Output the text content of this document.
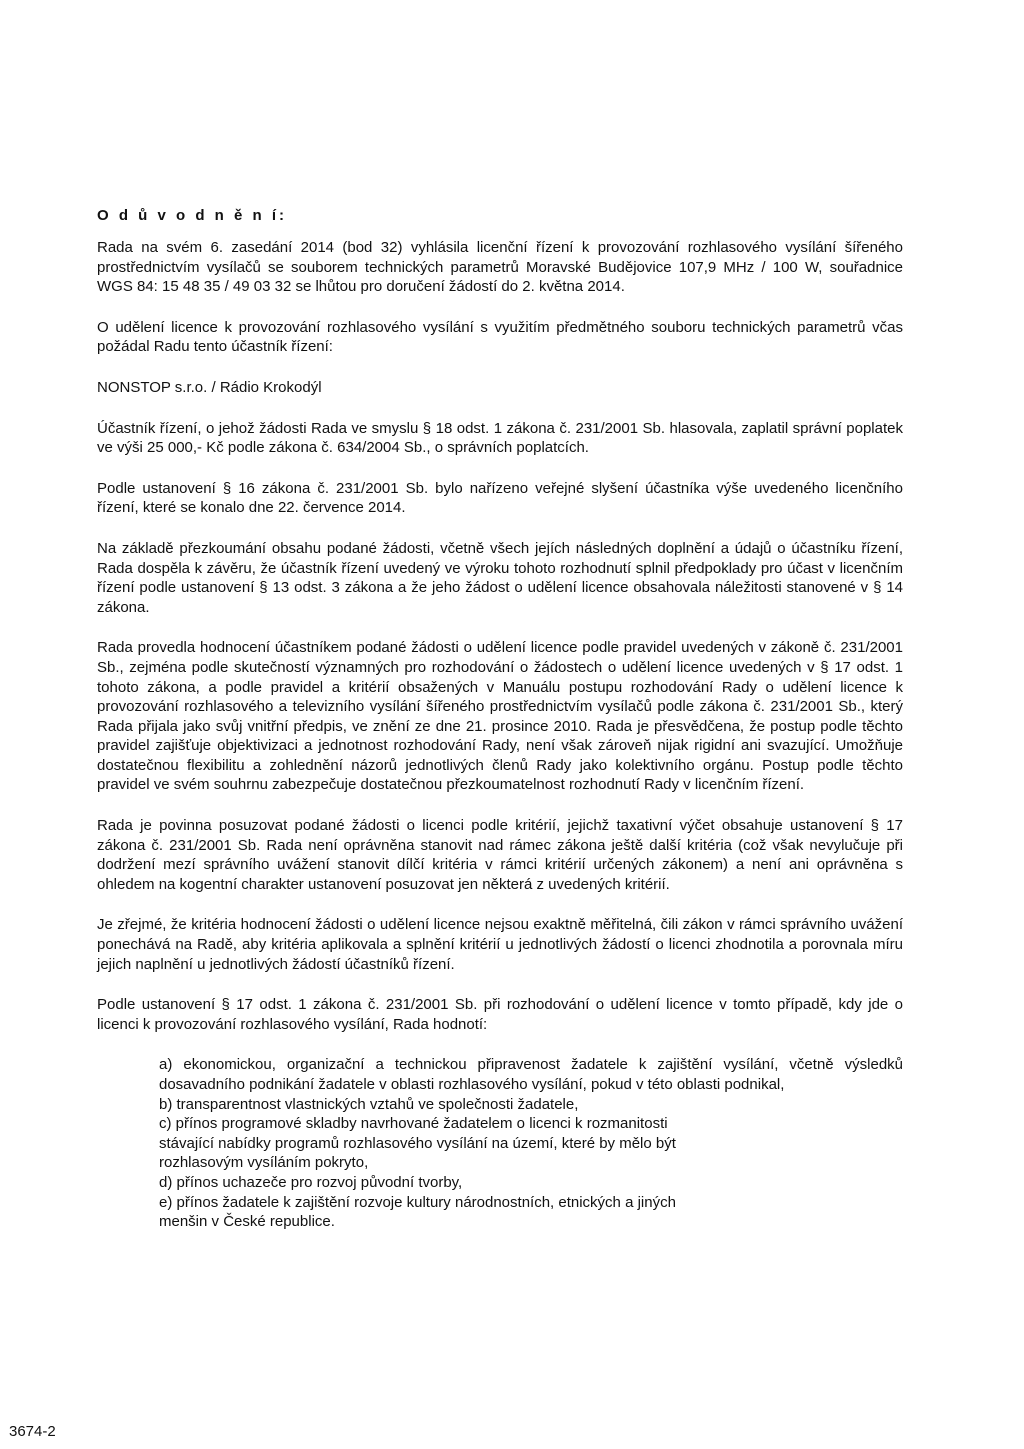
O d ů v o d n ě n í:

Rada na svém 6. zasedání 2014 (bod 32) vyhlásila licenční řízení k provozování rozhlasového vysílání šířeného prostřednictvím vysílačů se souborem technických parametrů Moravské Budějovice 107,9 MHz / 100 W, souřadnice WGS 84: 15 48 35 / 49 03 32 se lhůtou pro doručení žádostí do 2. května 2014.

O udělení licence k provozování rozhlasového vysílání s využitím předmětného souboru technických parametrů včas požádal Radu tento účastník řízení:

NONSTOP s.r.o. / Rádio Krokodýl

Účastník řízení, o jehož žádosti Rada ve smyslu § 18 odst. 1 zákona č. 231/2001 Sb. hlasovala, zaplatil správní poplatek ve výši 25 000,- Kč podle zákona č. 634/2004 Sb., o správních poplatcích.

Podle ustanovení § 16 zákona č. 231/2001 Sb. bylo nařízeno veřejné slyšení účastníka výše uvedeného licenčního řízení, které se konalo dne 22. července 2014.

Na základě přezkoumání obsahu podané žádosti, včetně všech jejích následných doplnění a údajů o účastníku řízení, Rada dospěla k závěru, že účastník řízení uvedený ve výroku tohoto rozhodnutí splnil předpoklady pro účast v licenčním řízení podle ustanovení § 13 odst. 3 zákona a že jeho žádost o udělení licence obsahovala náležitosti stanovené v § 14 zákona.

Rada provedla hodnocení účastníkem podané žádosti o udělení licence podle pravidel uvedených v zákoně č. 231/2001 Sb., zejména podle skutečností významných pro rozhodování o žádostech o udělení licence uvedených v § 17 odst. 1 tohoto zákona, a podle pravidel a kritérií obsažených v Manuálu postupu rozhodování Rady o udělení licence k provozování rozhlasového a televizního vysílání šířeného prostřednictvím vysílačů podle zákona č. 231/2001 Sb., který Rada přijala jako svůj vnitřní předpis, ve znění ze dne 21. prosince 2010. Rada je přesvědčena, že postup podle těchto pravidel zajišťuje objektivizaci a jednotnost rozhodování Rady, není však zároveň nijak rigidní ani svazující. Umožňuje dostatečnou flexibilitu a zohlednění názorů jednotlivých členů Rady jako kolektivního orgánu. Postup podle těchto pravidel ve svém souhrnu zabezpečuje dostatečnou přezkoumatelnost rozhodnutí Rady v licenčním řízení.

Rada je povinna posuzovat podané žádosti o licenci podle kritérií, jejichž taxativní výčet obsahuje ustanovení § 17 zákona č. 231/2001 Sb. Rada není oprávněna stanovit nad rámec zákona ještě další kritéria (což však nevylučuje při dodržení mezí správního uvážení stanovit dílčí kritéria v rámci kritérií určených zákonem) a není ani oprávněna s ohledem na kogentní charakter ustanovení posuzovat jen některá z uvedených kritérií.

Je zřejmé, že kritéria hodnocení žádosti o udělení licence nejsou exaktně měřitelná, čili zákon v rámci správního uvážení ponechává na Radě, aby kritéria aplikovala a splnění kritérií u jednotlivých žádostí o licenci zhodnotila a porovnala míru jejich naplnění u jednotlivých žádostí účastníků řízení.

Podle ustanovení § 17 odst. 1 zákona č. 231/2001 Sb. při rozhodování o udělení licence v tomto případě, kdy jde o licenci k provozování rozhlasového vysílání, Rada hodnotí:

a) ekonomickou, organizační a technickou připravenost žadatele k zajištění vysílání, včetně výsledků dosavadního podnikání žadatele v oblasti rozhlasového vysílání, pokud v této oblasti podnikal,

b) transparentnost vlastnických vztahů ve společnosti žadatele,

c) přínos programové skladby navrhované žadatelem o licenci k rozmanitosti

stávající nabídky programů rozhlasového vysílání na území, které by mělo být

rozhlasovým vysíláním pokryto,

d) přínos uchazeče pro rozvoj původní tvorby,

e) přínos žadatele k zajištění rozvoje kultury národnostních, etnických a jiných

menšin v České republice.

3674-2
